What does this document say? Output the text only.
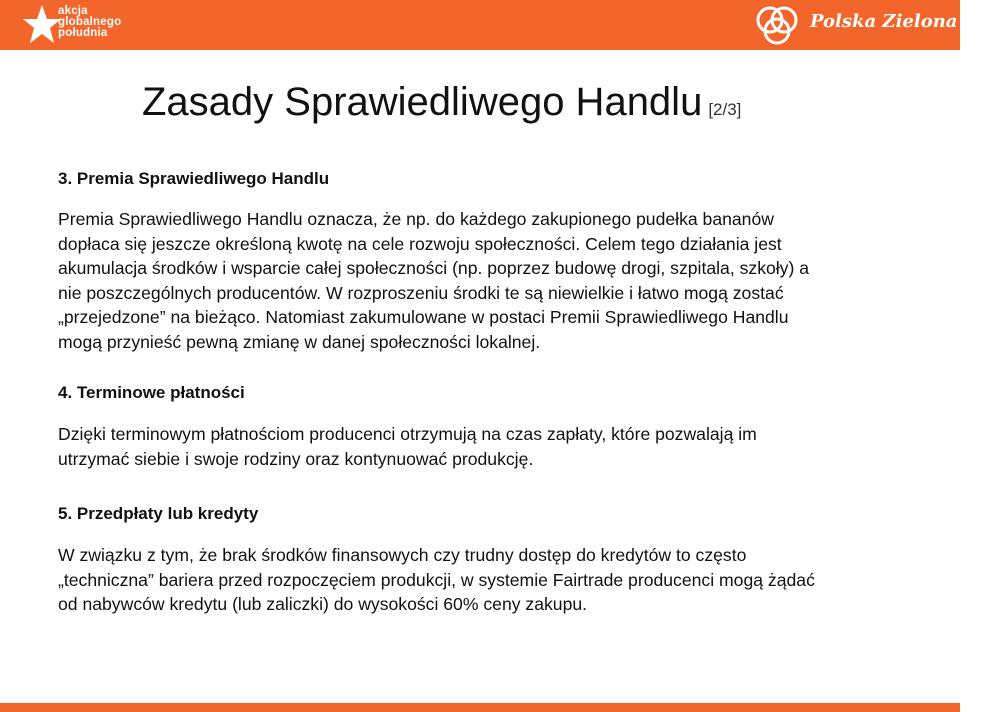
akcja
globalnego
południa
Polska Zielona Sieć
Zasady Sprawiedliwego Handlu [2/3]
3. Premia Sprawiedliwego Handlu
Premia Sprawiedliwego Handlu oznacza, że np. do każdego zakupionego pudełka bananów
dopłaca się jeszcze określoną kwotę na cele rozwoju społeczności. Celem tego działania jest
akumulacja środków i wsparcie całej społeczności (np. poprzez budowę drogi, szpitala, szkoły) a
nie poszczególnych producentów. W rozproszeniu środki te są niewielkie i łatwo mogą zostać
„przejedzone” na bieżąco. Natomiast zakumulowane w postaci Premii Sprawiedliwego Handlu
mogą przynieść pewną zmianę w danej społeczności lokalnej.
4. Terminowe płatności
Dzięki terminowym płatnościom producenci otrzymują na czas zapłaty, które pozwalają im
utrzymać siebie i swoje rodziny oraz kontynuować produkcję.
5. Przedpłaty lub kredyty
W związku z tym, że brak środków finansowych czy trudny dostęp do kredytów to często
„techniczna” bariera przed rozpoczęciem produkcji, w systemie Fairtrade producenci mogą żądać
od nabywców kredytu (lub zaliczki) do wysokości 60% ceny zakupu.
